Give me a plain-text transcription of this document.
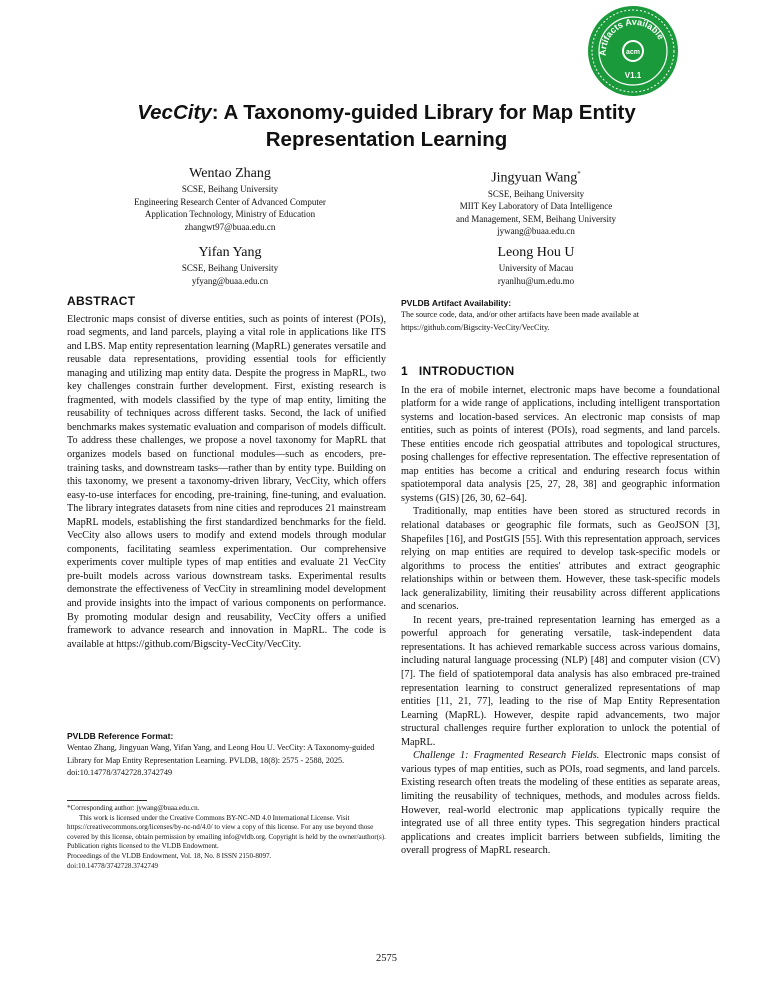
Artifacts Available
acm
V1.1
VecCity: A Taxonomy-guided Library for Map Entity Representation Learning
Wentao Zhang
SCSE, Beihang University
Engineering Research Center of Advanced Computer
Application Technology, Ministry of Education
zhangwt97@buaa.edu.cn
Jingyuan Wang*
SCSE, Beihang University
MIIT Key Laboratory of Data Intelligence
and Management, SEM, Beihang University
jywang@buaa.edu.cn
Yifan Yang
SCSE, Beihang University
yfyang@buaa.edu.cn
Leong Hou U
University of Macau
ryanlhu@um.edu.mo
ABSTRACT

Electronic maps consist of diverse entities, such as points of interest (POIs), road segments, and land parcels, playing a vital role in applications like ITS and LBS. Map entity representation learning (MapRL) generates versatile and reusable data representations, providing essential tools for efficiently managing and utilizing map entity data. Despite the progress in MapRL, two key challenges constrain further development. First, existing research is fragmented, with models classified by the type of map entity, limiting the reusability of techniques across different tasks. Second, the lack of unified benchmarks makes systematic evaluation and comparison of models difficult. To address these challenges, we propose a novel taxonomy for MapRL that organizes models based on functional modules—such as encoders, pre-training tasks, and downstream tasks—rather than by entity type. Building on this taxonomy, we present a taxonomy-driven library, VecCity, which offers easy-to-use interfaces for encoding, pre-training, fine-tuning, and evaluation. The library integrates datasets from nine cities and reproduces 21 mainstream MapRL models, establishing the first standardized benchmarks for the field. VecCity also allows users to modify and extend models through modular components, facilitating seamless experimentation. Our comprehensive experiments cover multiple types of map entities and evaluate 21 VecCity pre-built models across various downstream tasks. Experimental results demonstrate the effectiveness of VecCity in streamlining model development and provide insights into the impact of various components on performance. By promoting modular design and reusability, VecCity offers a unified framework to advance research and innovation in MapRL. The code is available at https://github.com/Bigscity-VecCity/VecCity.

PVLDB Reference Format:

Wentao Zhang, Jingyuan Wang, Yifan Yang, and Leong Hou U. VecCity: A Taxonomy-guided Library for Map Entity Representation Learning. PVLDB, 18(8): 2575 - 2588, 2025.

doi:10.14778/3742728.3742749

*Corresponding author: jywang@buaa.edu.cn.

This work is licensed under the Creative Commons BY-NC-ND 4.0 International License. Visit https://creativecommons.org/licenses/by-nc-nd/4.0/ to view a copy of this license. For any use beyond those covered by this license, obtain permission by emailing info@vldb.org. Copyright is held by the owner/author(s). Publication rights licensed to the VLDB Endowment.

Proceedings of the VLDB Endowment, Vol. 18, No. 8 ISSN 2150-8097.

doi:10.14778/3742728.3742749

PVLDB Artifact Availability:

The source code, data, and/or other artifacts have been made available at https://github.com/Bigscity-VecCity/VecCity.

1   INTRODUCTION

In the era of mobile internet, electronic maps have become a foundational platform for a wide range of applications, including intelligent transportation systems and location-based services. An electronic map consists of map entities, such as points of interest (POIs), road segments, and land parcels. These entities encode rich geospatial attributes and topological structures, posing challenges for effective representation. The effective representation of map entities has become a critical and enduring research focus within spatiotemporal data analysis [25, 27, 28, 38] and geographic information systems (GIS) [26, 30, 62–64].

Traditionally, map entities have been stored as structured records in relational databases or geographic file formats, such as GeoJSON [3], Shapefiles [16], and PostGIS [55]. With this representation approach, services relying on map entities are required to develop task-specific models or algorithms to process the entities' attributes and extract geographic relationships within or between them. However, these task-specific models lack generalizability, limiting their reusability across different applications and scenarios.

In recent years, pre-trained representation learning has emerged as a powerful approach for generating versatile, task-independent data representations. It has achieved remarkable success across various domains, including natural language processing (NLP) [48] and computer vision (CV) [7]. The field of spatiotemporal data analysis has also embraced pre-trained representation learning to construct generalized representations of map entities [11, 21, 77], leading to the rise of Map Entity Representation Learning (MapRL). However, despite rapid advancements, two major structural challenges require further exploration to unlock the potential of MapRL.

Challenge 1: Fragmented Research Fields. Electronic maps consist of various types of map entities, such as POIs, road segments, and land parcels. Existing research often treats the modeling of these entities as separate areas, limiting the reusability of techniques, methods, and modules across fields. However, real-world electronic map applications typically require the integrated use of all three entity types. This segregation hinders practical applications and creates implicit barriers between subfields, limiting the overall progress of MapRL research.

2575
